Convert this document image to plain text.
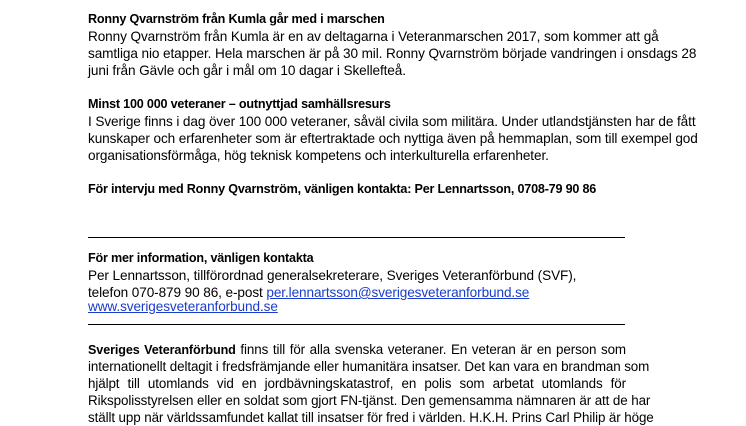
Ronny Qvarnström från Kumla går med i marschen
Ronny Qvarnström från Kumla är en av deltagarna i Veteranmarschen 2017, som kommer att gå
samtliga nio etapper. Hela marschen är på 30 mil. Ronny Qvarnström började vandringen i onsdags 28
juni från Gävle och går i mål om 10 dagar i Skellefteå.
Minst 100 000 veteraner – outnyttjad samhällsresurs
I Sverige finns i dag över 100 000 veteraner, såväl civila som militära. Under utlandstjänsten har de fått
kunskaper och erfarenheter som är eftertraktade och nyttiga även på hemmaplan, som till exempel god
organisationsförmåga, hög teknisk kompetens och interkulturella erfarenheter.
För intervju med Ronny Qvarnström, vänligen kontakta: Per Lennartsson, 0708-79 90 86
För mer information, vänligen kontakta
Per Lennartsson, tillförordnad generalsekreterare, Sveriges Veteranförbund (SVF),
telefon 070-879 90 86, e-post per.lennartsson@sverigesveteranforbund.se
www.sverigesveteranforbund.se
Sveriges Veteranförbund finns till för alla svenska veteraner. En veteran är en person som
internationellt deltagit i fredsfrämjande eller humanitära insatser. Det kan vara en brandman som
hjälpt till utomlands vid en jordbävningskatastrof, en polis som arbetat utomlands för
Rikspolisstyrelsen eller en soldat som gjort FN-tjänst. Den gemensamma nämnaren är att de har
ställt upp när världssamfundet kallat till insatser för fred i världen. H.K.H. Prins Carl Philip är höge
